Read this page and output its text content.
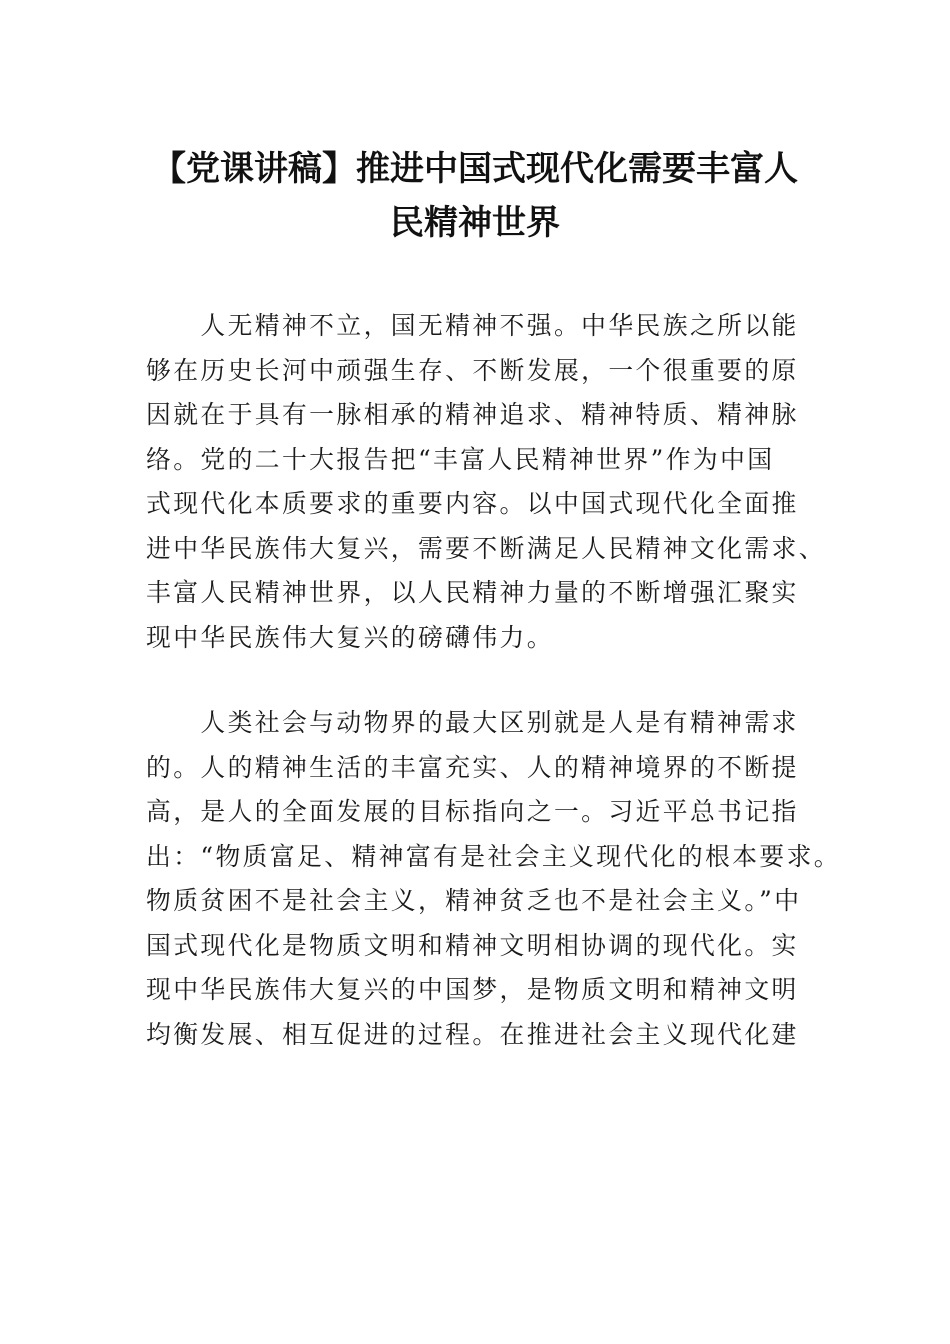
【党课讲稿】推进中国式现代化需要丰富人
民精神世界
　　人无精神不立，国无精神不强。中华民族之所以能
够在历史长河中顽强生存、不断发展，一个很重要的原
因就在于具有一脉相承的精神追求、精神特质、精神脉
络。党的二十大报告把“丰富人民精神世界”作为中国
式现代化本质要求的重要内容。以中国式现代化全面推
进中华民族伟大复兴，需要不断满足人民精神文化需求、
丰富人民精神世界，以人民精神力量的不断增强汇聚实
现中华民族伟大复兴的磅礴伟力。
　　人类社会与动物界的最大区别就是人是有精神需求
的。人的精神生活的丰富充实、人的精神境界的不断提
高，是人的全面发展的目标指向之一。习近平总书记指
出：“物质富足、精神富有是社会主义现代化的根本要求。
物质贫困不是社会主义，精神贫乏也不是社会主义。”中
国式现代化是物质文明和精神文明相协调的现代化。实
现中华民族伟大复兴的中国梦，是物质文明和精神文明
均衡发展、相互促进的过程。在推进社会主义现代化建
